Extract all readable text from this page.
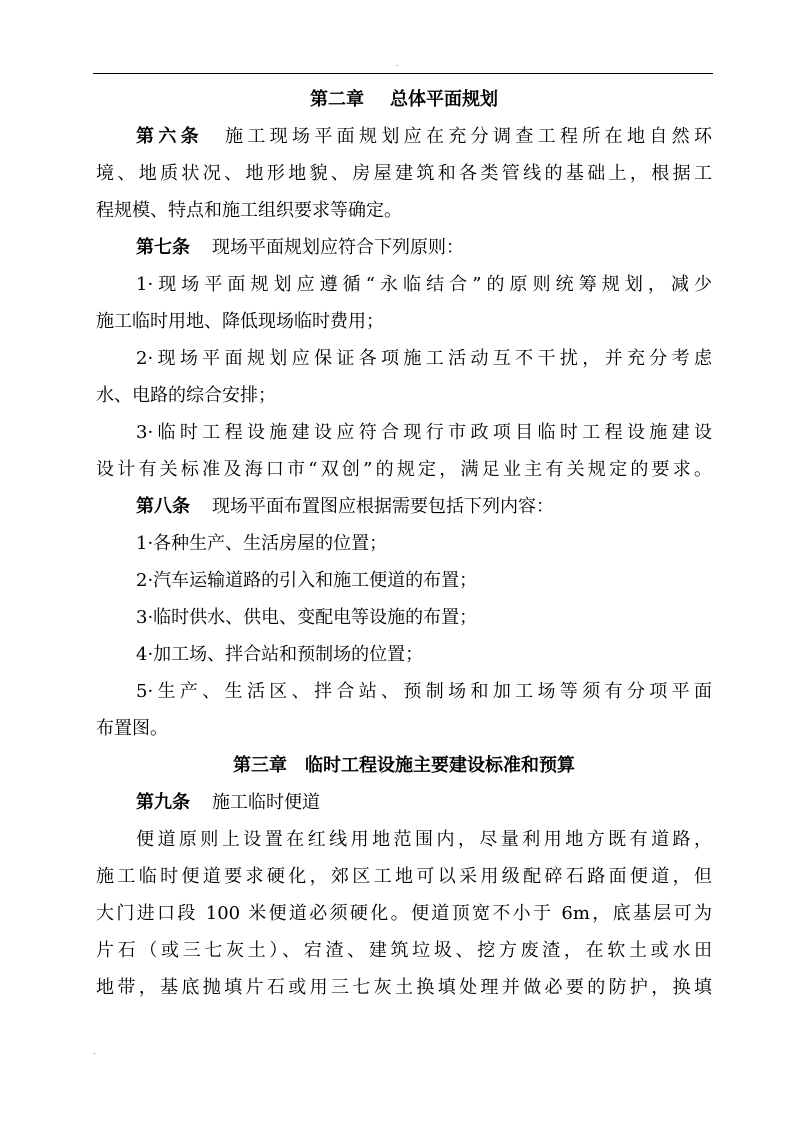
.
第二章 总体平面规划
第六条 施工现场平面规划应在充分调查工程所在地自然环
境、地质状况、地形地貌、房屋建筑和各类管线的基础上，根据工
程规模、特点和施工组织要求等确定。
第七条 现场平面规划应符合下列原则：
1·现场平面规划应遵循“永临结合”的原则统筹规划，减少
施工临时用地、降低现场临时费用；
2·现场平面规划应保证各项施工活动互不干扰，并充分考虑
水、电路的综合安排；
3·临时工程设施建设应符合现行市政项目临时工程设施建设
设计有关标准及海口市“双创”的规定，满足业主有关规定的要求。
第八条 现场平面布置图应根据需要包括下列内容：
1·各种生产、生活房屋的位置；
2·汽车运输道路的引入和施工便道的布置；
3·临时供水、供电、变配电等设施的布置；
4·加工场、拌合站和预制场的位置；
5·生产、生活区、拌合站、预制场和加工场等须有分项平面
布置图。
第三章 临时工程设施主要建设标准和预算
第九条 施工临时便道
便道原则上设置在红线用地范围内，尽量利用地方既有道路，
施工临时便道要求硬化，郊区工地可以采用级配碎石路面便道，但
大门进口段 100 米便道必须硬化。便道顶宽不小于 6m，底基层可为
片石（或三七灰土）、宕渣、建筑垃圾、挖方废渣，在软土或水田
地带，基底抛填片石或用三七灰土换填处理并做必要的防护，换填
.
